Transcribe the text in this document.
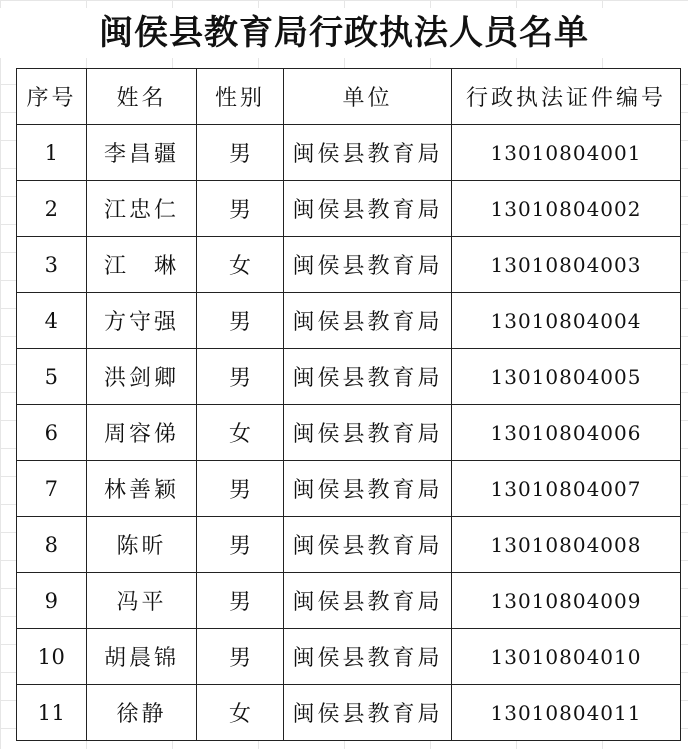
闽侯县教育局行政执法人员名单
序号	姓名	性别	单位	行政执法证件编号
1	李昌疆	男	闽侯县教育局	13010804001
2	江忠仁	男	闽侯县教育局	13010804002
3	江　琳	女	闽侯县教育局	13010804003
4	方守强	男	闽侯县教育局	13010804004
5	洪剑卿	男	闽侯县教育局	13010804005
6	周容俤	女	闽侯县教育局	13010804006
7	林善颖	男	闽侯县教育局	13010804007
8	陈昕	男	闽侯县教育局	13010804008
9	冯平	男	闽侯县教育局	13010804009
10	胡晨锦	男	闽侯县教育局	13010804010
11	徐静	女	闽侯县教育局	13010804011
